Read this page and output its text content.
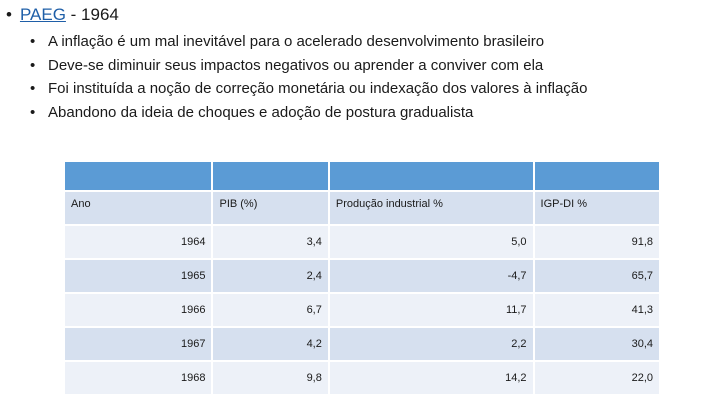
• PAEG - 1964
• A inflação é um mal inevitável para o acelerado desenvolvimento brasileiro
• Deve-se diminuir seus impactos negativos ou aprender a conviver com ela
• Foi instituída a noção de correção monetária ou indexação dos valores à inflação
• Abandono da ideia de choques e adoção de postura gradualista

Ano	PIB (%)	Produção industrial %	IGP-DI %
1964	3,4	5,0	91,8
1965	2,4	-4,7	65,7
1966	6,7	11,7	41,3
1967	4,2	2,2	30,4
1968	9,8	14,2	22,0
